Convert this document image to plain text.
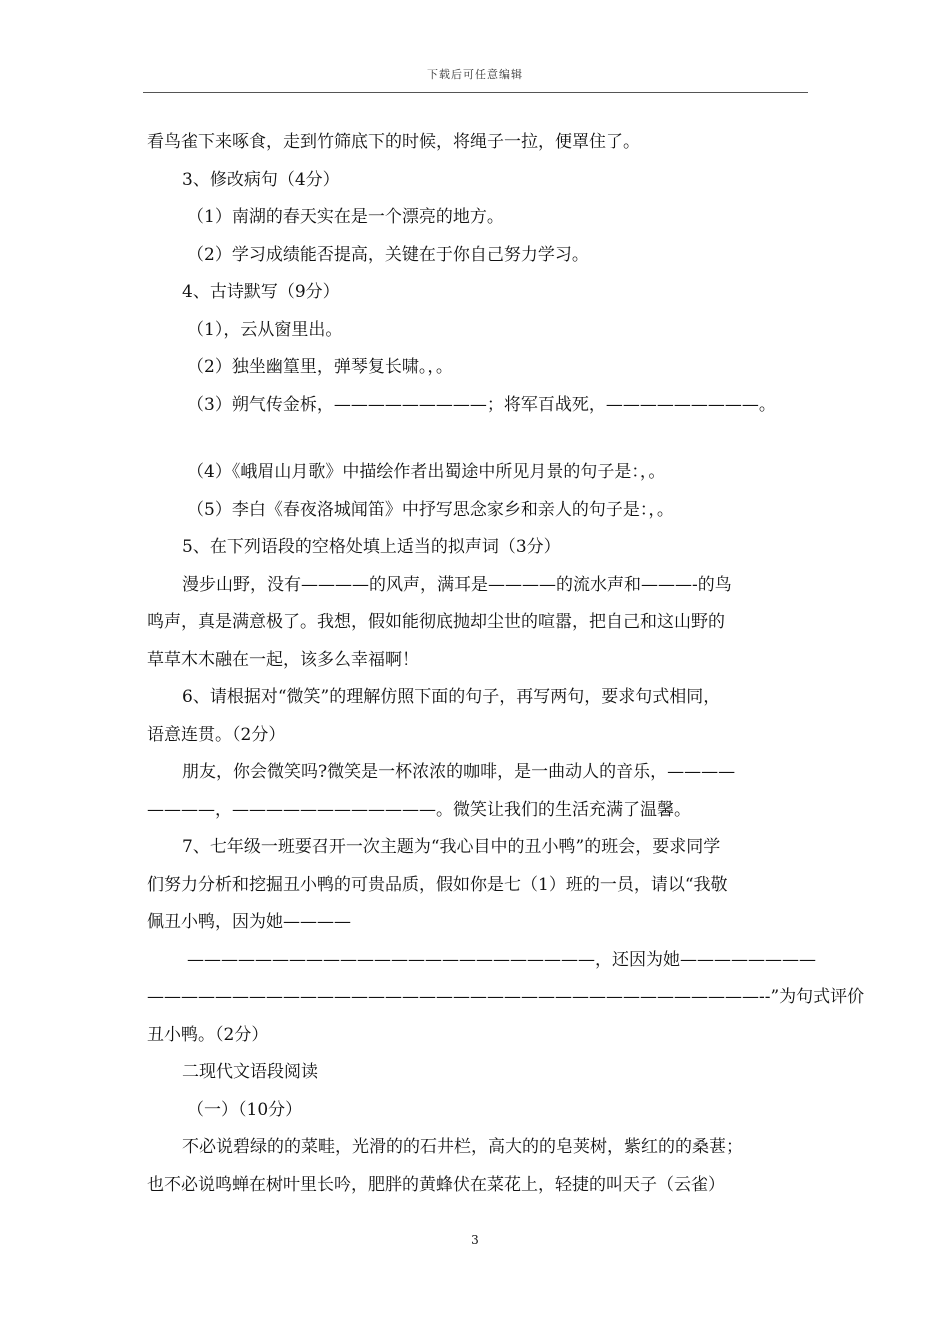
下载后可任意编辑
看鸟雀下来啄食，走到竹筛底下的时候，将绳子一拉，便罩住了。
3、修改病句（4分）
（1）南湖的春天实在是一个漂亮的地方。
（2）学习成绩能否提高，关键在于你自己努力学习。
4、古诗默写（9分）
（1），云从窗里出。
（2）独坐幽篁里，弹琴复长啸。，。
（3）朔气传金柝，—————————；将军百战死，—————————。
（4）《峨眉山月歌》中描绘作者出蜀途中所见月景的句子是：，。
（5）李白《春夜洛城闻笛》中抒写思念家乡和亲人的句子是：，。
5、在下列语段的空格处填上适当的拟声词（3分）
漫步山野，没有————的风声，满耳是————的流水声和———-的鸟
鸣声，真是满意极了。我想，假如能彻底抛却尘世的喧嚣，把自己和这山野的
草草木木融在一起，该多么幸福啊！
6、请根据对“微笑”的理解仿照下面的句子，再写两句，要求句式相同，
语意连贯。（2分）
朋友，你会微笑吗?微笑是一杯浓浓的咖啡，是一曲动人的音乐，————
————，————————————。微笑让我们的生活充满了温馨。
7、七年级一班要召开一次主题为“我心目中的丑小鸭”的班会，要求同学
们努力分析和挖掘丑小鸭的可贵品质，假如你是七（1）班的一员，请以“我敬
佩丑小鸭，因为她————
————————————————————————，还因为她————————
————————————————————————————————————--”为句式评价
丑小鸭。（2分）
二现代文语段阅读
（一）（10分）
不必说碧绿的的菜畦，光滑的的石井栏，高大的的皂荚树，紫红的的桑葚；
也不必说鸣蝉在树叶里长吟，肥胖的黄蜂伏在菜花上，轻捷的叫天子（云雀）
3
